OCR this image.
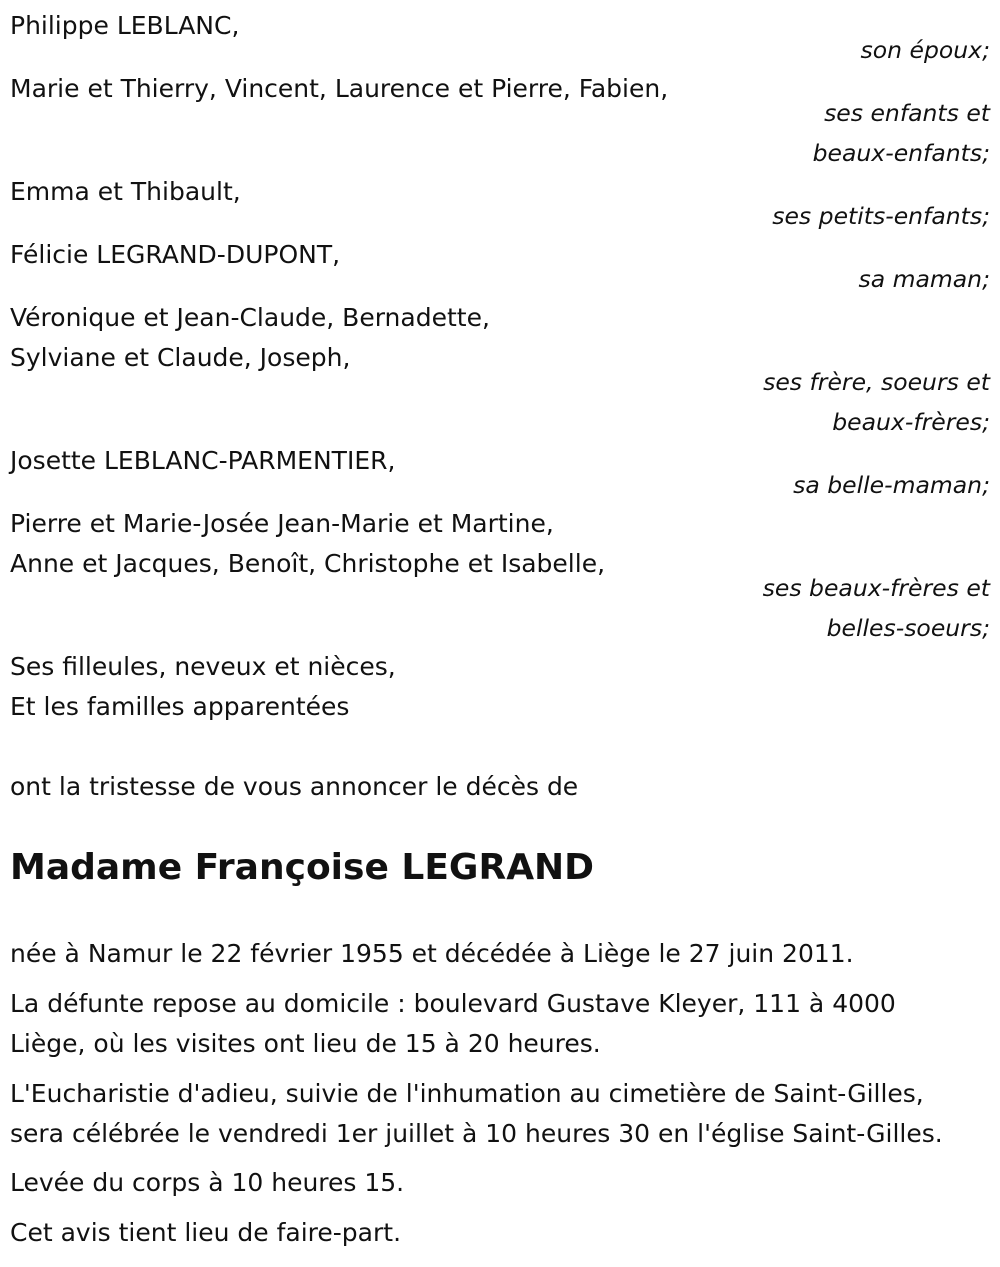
Philippe LEBLANC,

son époux;

Marie et Thierry, Vincent, Laurence et Pierre, Fabien,

ses enfants et

beaux-enfants;

Emma et Thibault,

ses petits-enfants;

Félicie LEGRAND-DUPONT,

sa maman;

Véronique et Jean-Claude, Bernadette,

Sylviane et Claude, Joseph,

ses frère, soeurs et

beaux-frères;

Josette LEBLANC-PARMENTIER,

sa belle-maman;

Pierre et Marie-Josée Jean-Marie et Martine,

Anne et Jacques, Benoît, Christophe et Isabelle,

ses beaux-frères et

belles-soeurs;

Ses filleules, neveux et nièces,

Et les familles apparentées

ont la tristesse de vous annoncer le décès de

Madame Françoise LEGRAND

née à Namur le 22 février 1955 et décédée à Liège le 27 juin 2011.

La défunte repose au domicile : boulevard Gustave Kleyer, 111 à 4000

Liège, où les visites ont lieu de 15 à 20 heures.

L'Eucharistie d'adieu, suivie de l'inhumation au cimetière de Saint-Gilles,

sera célébrée le vendredi 1er juillet à 10 heures 30 en l'église Saint-Gilles.

Levée du corps à 10 heures 15.

Cet avis tient lieu de faire-part.
